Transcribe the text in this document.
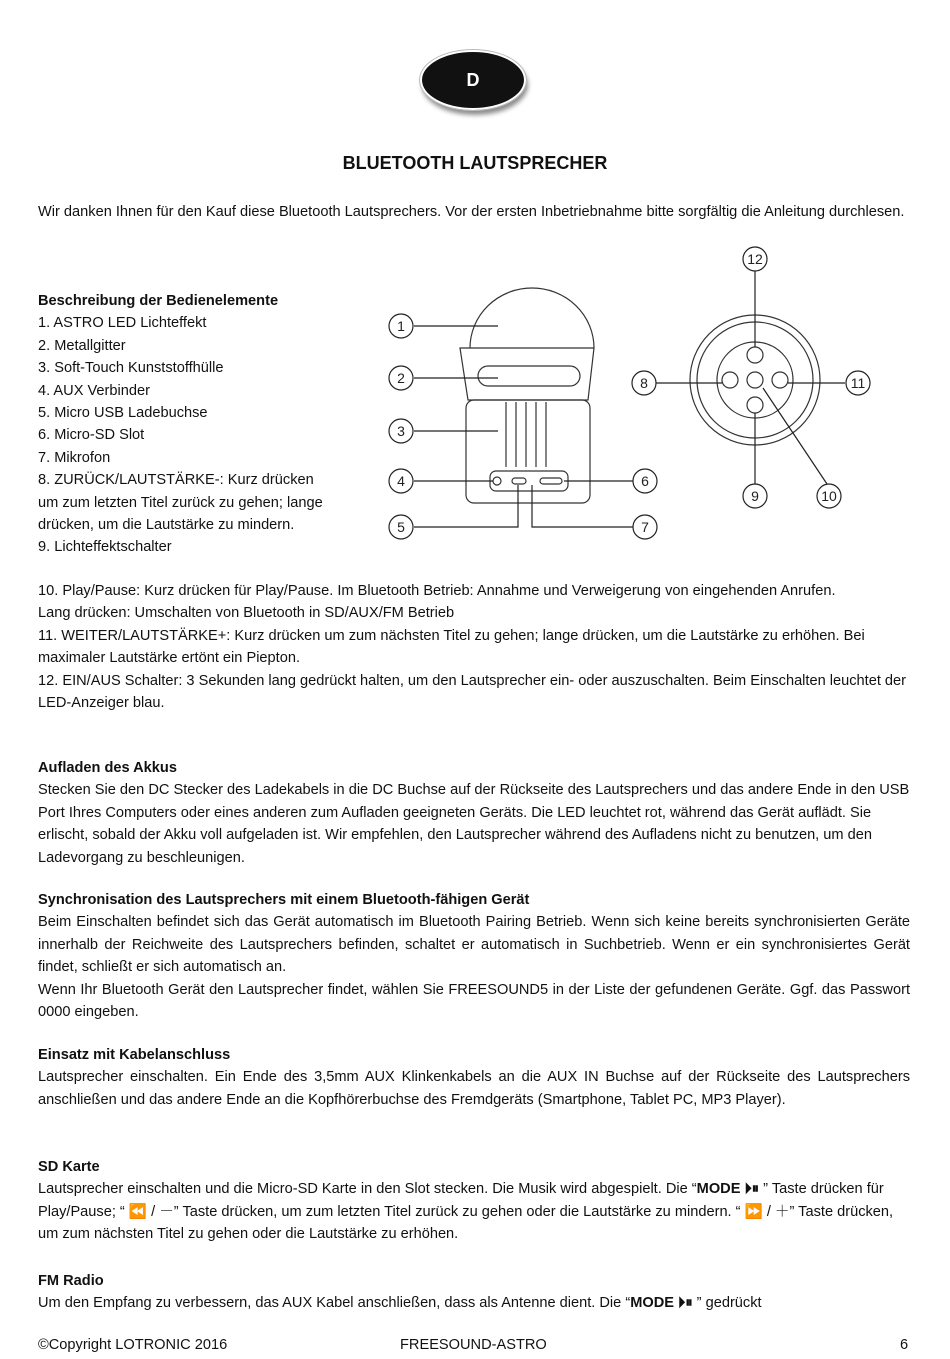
D
BLUETOOTH LAUTSPRECHER

Wir danken Ihnen für den Kauf diese Bluetooth Lautsprechers. Vor der ersten Inbetriebnahme bitte sorgfältig die Anleitung durchlesen.

Beschreibung der Bedienelemente

1. ASTRO LED Lichteffekt

2. Metallgitter

3. Soft-Touch Kunststoffhülle

4. AUX Verbinder

5. Micro USB Ladebuchse

6. Micro-SD Slot

7. Mikrofon

8. ZURÜCK/LAUTSTÄRKE-: Kurz drücken um zum letzten Titel zurück zu gehen; lange drücken, um die Lautstärke zu mindern.

9. Lichteffektschalter

10. Play/Pause: Kurz drücken für Play/Pause. Im Bluetooth Betrieb: Annahme und Verweigerung von eingehenden Anrufen.

Lang drücken: Umschalten von Bluetooth in SD/AUX/FM Betrieb

11. WEITER/LAUTSTÄRKE+: Kurz drücken um zum nächsten Titel zu gehen; lange drücken, um die Lautstärke zu erhöhen. Bei maximaler Lautstärke ertönt ein Piepton.

12. EIN/AUS Schalter: 3 Sekunden lang gedrückt halten, um den Lautsprecher ein- oder auszuschalten. Beim Einschalten leuchtet der LED-Anzeiger blau.

1
2
3
4
5
6
7
8
9	10
11
12

Aufladen des Akkus

Stecken Sie den DC Stecker des Ladekabels in die DC Buchse auf der Rückseite des Lautsprechers und das andere Ende in den USB Port Ihres Computers oder eines anderen zum Aufladen geeigneten Geräts. Die LED leuchtet rot, während das Gerät auflädt. Sie erlischt, sobald der Akku voll aufgeladen ist. Wir empfehlen, den Lautsprecher während des Aufladens nicht zu benutzen, um den Ladevorgang zu beschleunigen.

Synchronisation des Lautsprechers mit einem Bluetooth-fähigen Gerät

Beim Einschalten befindet sich das Gerät automatisch im Bluetooth Pairing Betrieb. Wenn sich keine bereits synchronisierten Geräte innerhalb der Reichweite des Lautsprechers befinden, schaltet er automatisch in Suchbetrieb. Wenn er ein synchronisiertes Gerät findet, schließt er sich automatisch an.

Wenn Ihr Bluetooth Gerät den Lautsprecher findet, wählen Sie FREESOUND5 in der Liste der gefundenen Geräte. Ggf. das Passwort 0000 eingeben.

Einsatz mit Kabelanschluss

Lautsprecher einschalten. Ein Ende des 3,5mm AUX Klinkenkabels an die AUX IN Buchse auf der Rückseite des Lautsprechers anschließen und das andere Ende an die Kopfhörerbuchse des Fremdgeräts (Smartphone, Tablet PC, MP3 Player).

SD Karte

Lautsprecher einschalten und die Micro-SD Karte in den Slot stecken. Die Musik wird abgespielt. Die “MODE ⏵⏸ ” Taste drücken für Play/Pause; “ ⏪ / －” Taste drücken, um zum letzten Titel zurück zu gehen oder die Lautstärke zu mindern. “ ⏩ / ＋” Taste drücken, um zum nächsten Titel zu gehen oder die Lautstärke zu erhöhen.

FM Radio

Um den Empfang zu verbessern, das AUX Kabel anschließen, dass als Antenne dient. Die “MODE ⏵⏸ ” gedrückt

©Copyright LOTRONIC 2016	FREESOUND-ASTRO	6
